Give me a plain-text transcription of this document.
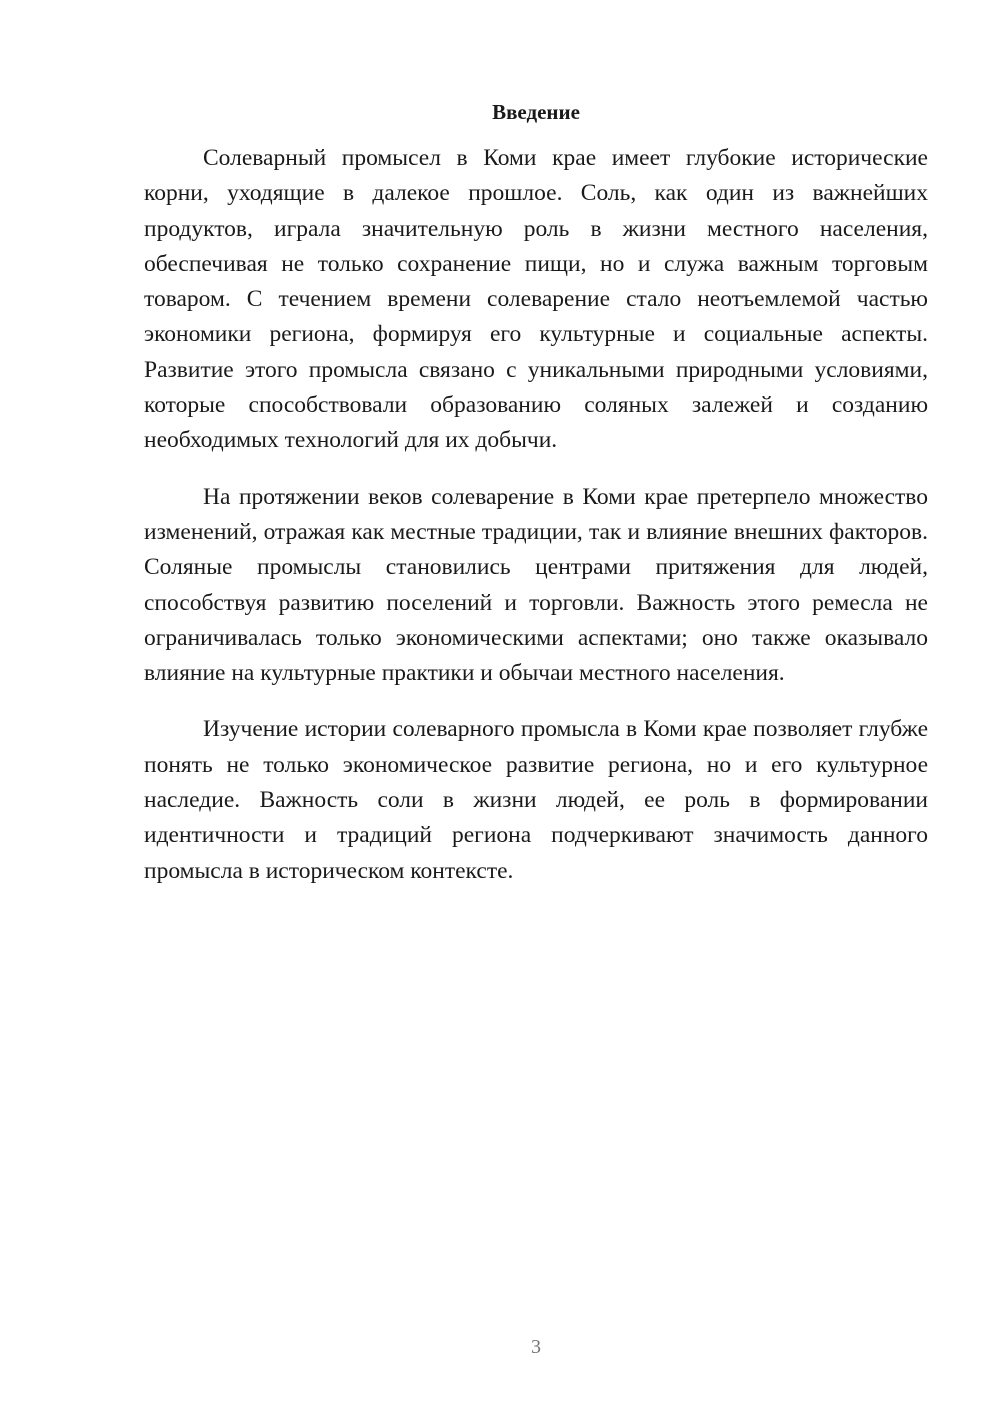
Введение

Солеварный промысел в Коми крае имеет глубокие исторические корни, уходящие в далекое прошлое. Соль, как один из важнейших продуктов, играла значительную роль в жизни местного населения, обеспечивая не только сохранение пищи, но и служа важным торговым товаром. С течением времени солеварение стало неотъемлемой частью экономики региона, формируя его культурные и социальные аспекты. Развитие этого промысла связано с уникальными природными условиями, которые способствовали образованию соляных залежей и созданию необходимых технологий для их добычи.

На протяжении веков солеварение в Коми крае претерпело множество изменений, отражая как местные традиции, так и влияние внешних факторов. Соляные промыслы становились центрами притяжения для людей, способствуя развитию поселений и торговли. Важность этого ремесла не ограничивалась только экономическими аспектами; оно также оказывало влияние на культурные практики и обычаи местного населения.

Изучение истории солеварного промысла в Коми крае позволяет глубже понять не только экономическое развитие региона, но и его культурное наследие. Важность соли в жизни людей, ее роль в формировании идентичности и традиций региона подчеркивают значимость данного промысла в историческом контексте.

3
